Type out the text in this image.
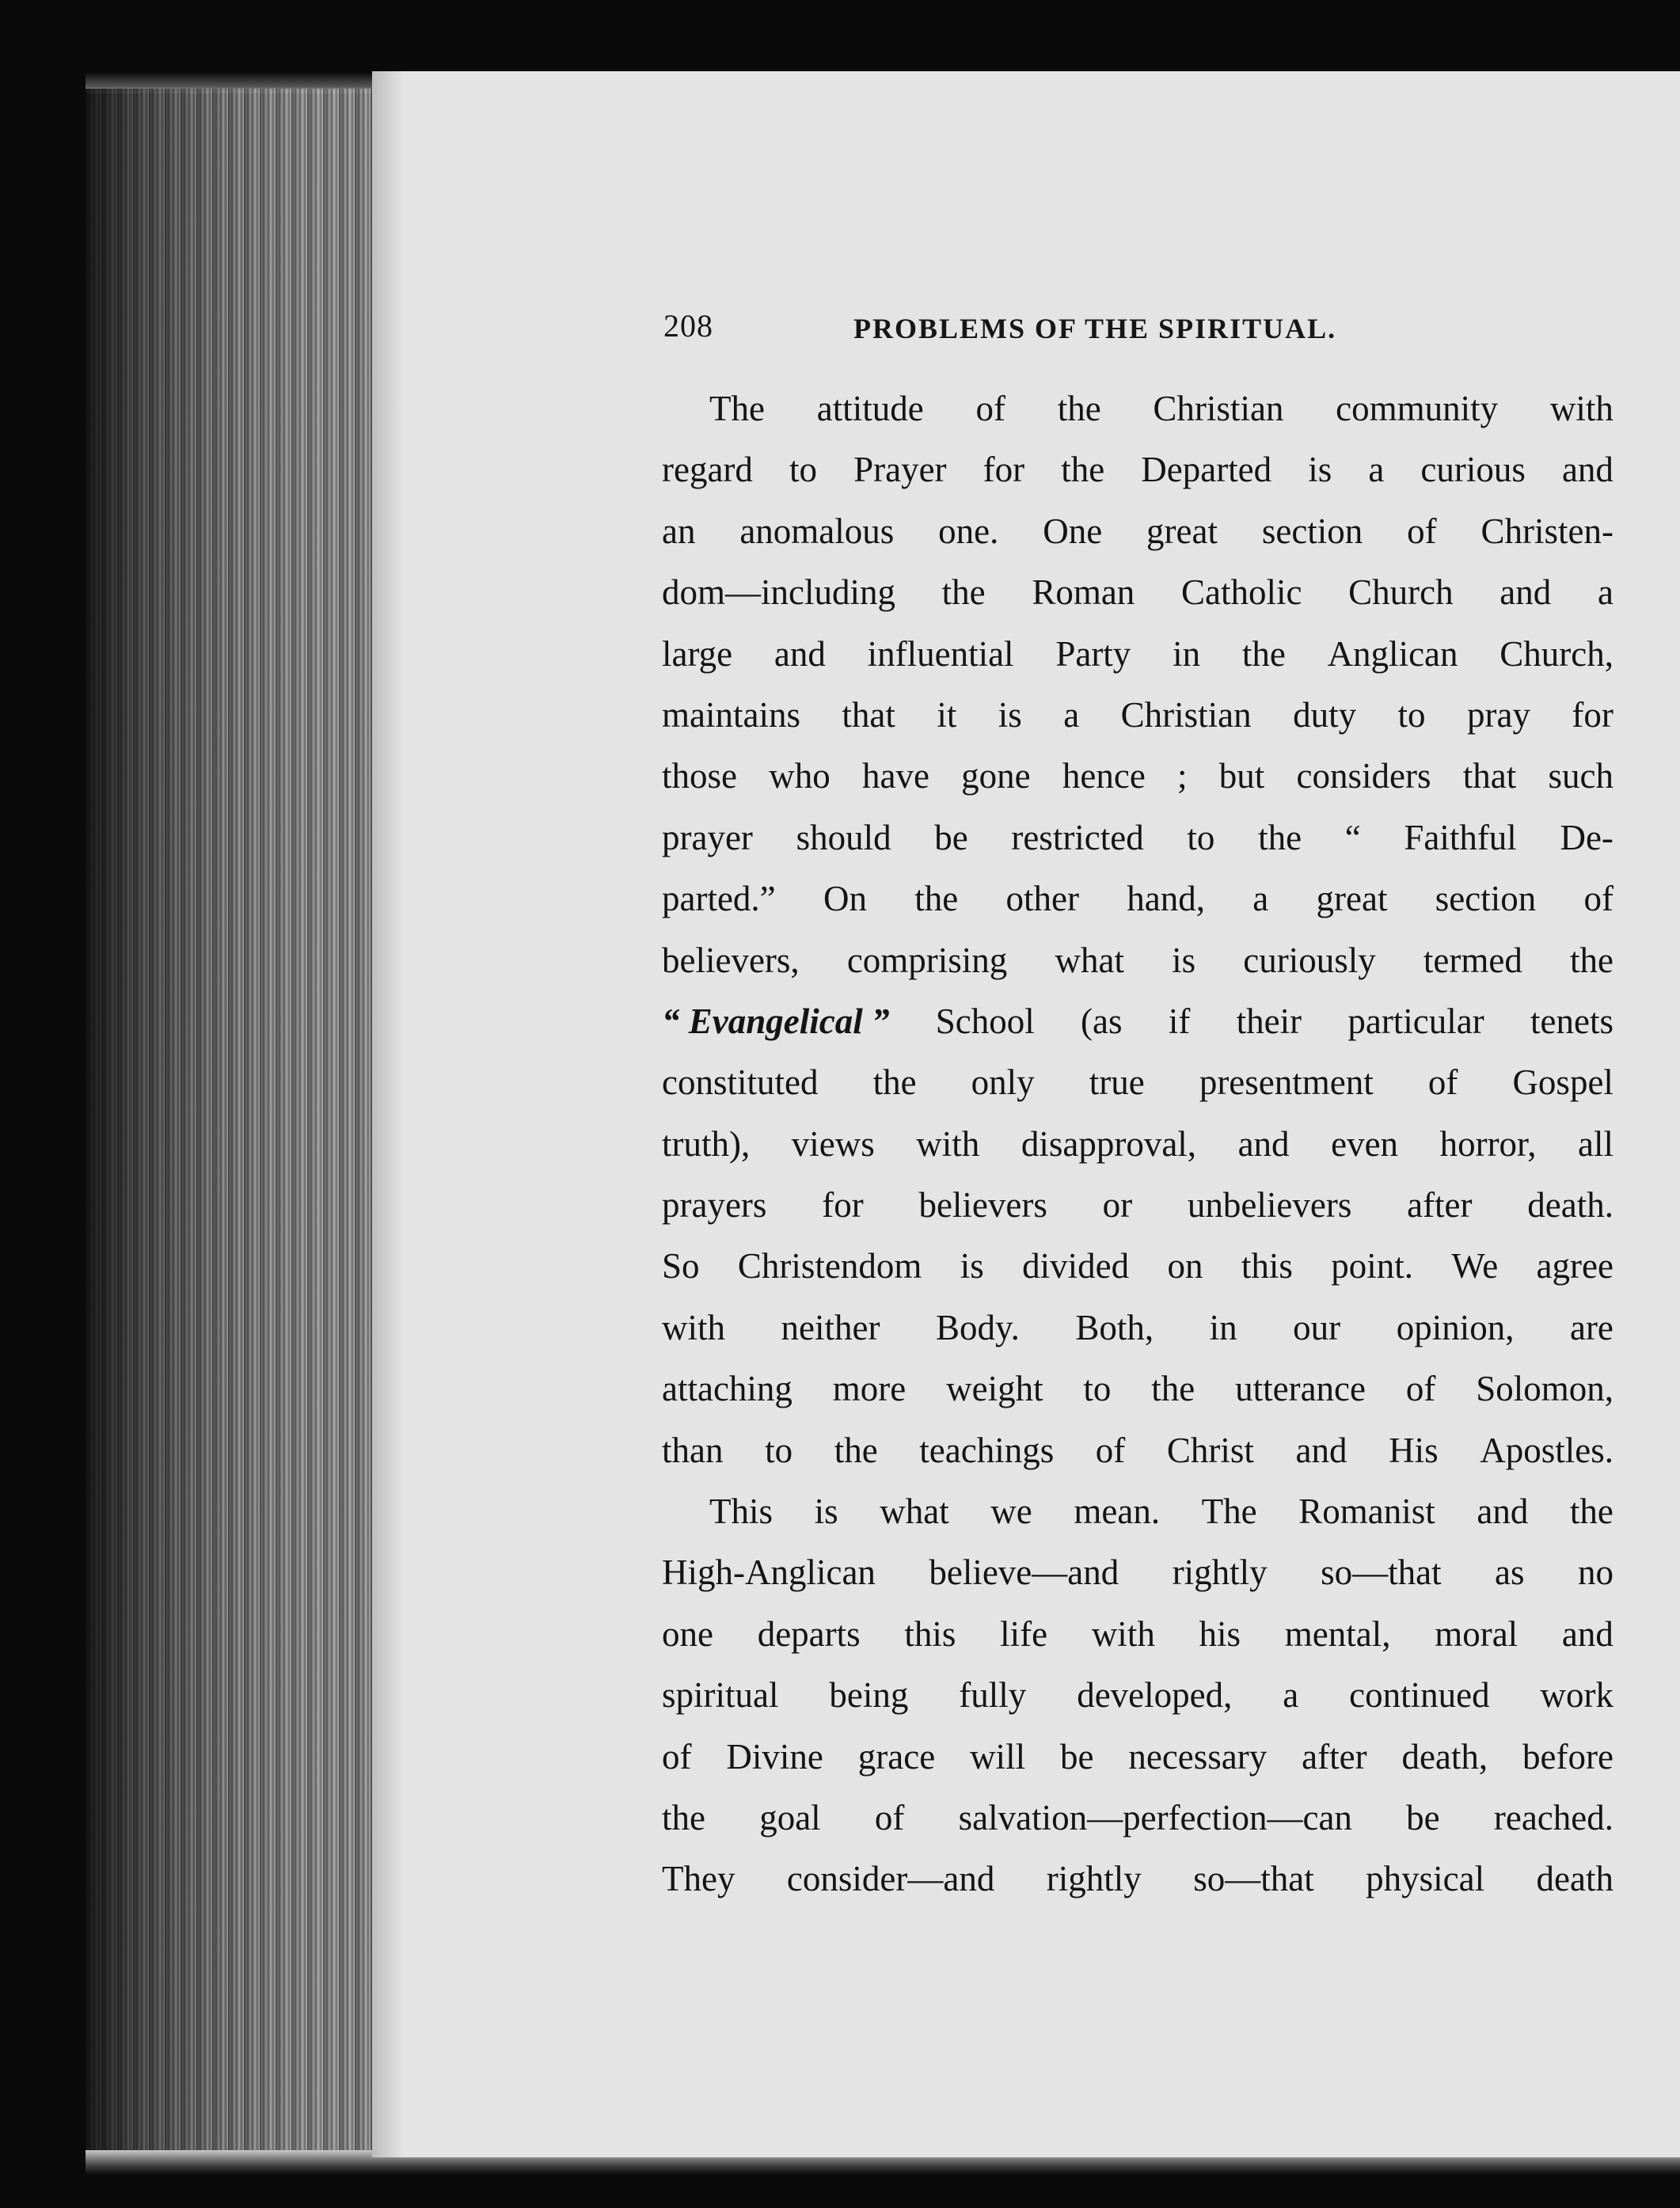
208	PROBLEMS OF THE SPIRITUAL.
The attitude of the Christian community with
regard to Prayer for the Departed is a curious and
an anomalous one. One great section of Christen-
dom—including the Roman Catholic Church and a
large and influential Party in the Anglican Church,
maintains that it is a Christian duty to pray for
those who have gone hence ; but considers that such
prayer should be restricted to the “ Faithful De-
parted.” On the other hand, a great section of
believers, comprising what is curiously termed the
“ Evangelical ” School (as if their particular tenets
constituted the only true presentment of Gospel
truth), views with disapproval, and even horror, all
prayers for believers or unbelievers after death.
So Christendom is divided on this point. We agree
with neither Body. Both, in our opinion, are
attaching more weight to the utterance of Solomon,
than to the teachings of Christ and His Apostles.
This is what we mean. The Romanist and the
High-Anglican believe—and rightly so—that as no
one departs this life with his mental, moral and
spiritual being fully developed, a continued work
of Divine grace will be necessary after death, before
the goal of salvation—perfection—can be reached.
They consider—and rightly so—that physical death
